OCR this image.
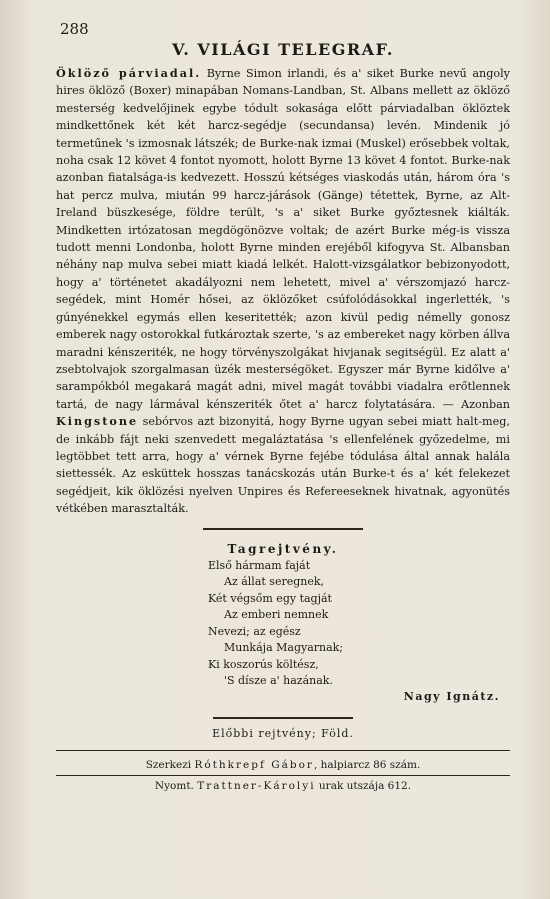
288
V. VILÁGI TELEGRAF.

Öklöző párviadal. Byrne Simon irlandi, és a' siket Burke nevű angoly hires öklöző (Boxer) minapában Nomans-Landban, St. Albans mellett az öklöző mesterség kedvelőjinek egybe tódult sokasága előtt párviadalban öklöztek mindkettőnek két két harcz-segédje (secundansa) levén. Mindenik jó termetűnek 's izmosnak látszék; de Burke-nak izmai (Muskel) erősebbek voltak, noha csak 12 követ 4 fontot nyomott, holott Byrne 13 követ 4 fontot. Burke-nak azonban fiatalsága-is kedvezett. Hosszú kétséges viaskodás után, három óra 's hat percz mulva, miután 99 harcz-járások (Gänge) tétettek, Byrne, az Alt-Ireland büszkesége, földre terült, 's a' siket Burke győztesnek kiálták. Mindketten irtózatosan megdögönözve voltak; de azért Burke még-is vissza tudott menni Londonba, holott Byrne minden erejéből kifogyva St. Albansban néhány nap mulva sebei miatt kiadá lelkét. Halott-vizsgálatkor bebizonyodott, hogy a' történetet akadályozni nem lehetett, mivel a' vérszomjazó harcz-segédek, mint Homér hősei, az öklözőket csúfolódásokkal ingerlették, 's gúnyénekkel egymás ellen keseritették; azon kivül pedig némelly gonosz emberek nagy ostorokkal futkároztak szerte, 's az embereket nagy körben állva maradni kénszeriték, ne hogy törvényszolgákat hivjanak segitségül. Ez alatt a' zsebtolvajok szorgalmasan üzék mesterségöket. Egyszer már Byrne kidőlve a' sarampókból megakará magát adni, mivel magát további viadalra erőtlennek tartá, de nagy lármával kénszeriték őtet a' harcz folytatására. — Azonban Kingstone sebórvos azt bizonyitá, hogy Byrne ugyan sebei miatt halt-meg, de inkább fájt neki szenvedett megaláztatása 's ellenfelének győzedelme, mi legtöbbet tett arra, hogy a' vérnek Byrne fejébe tódulása által annak halála siettessék. Az esküttek hosszas tanácskozás után Burke-t és a' két felekezet segédjeit, kik öklözési nyelven Unpires és Refereeseknek hivatnak, agyonütés vétkében marasztalták.

Tagrejtvény.
Első hármam faját
Az állat seregnek,
Két végsőm egy tagját
Az emberi nemnek
Nevezi; az egész
Munkája Magyarnak;
Ki koszorús költész,
'S dísze a' hazának.
Nagy Ignátz.
Előbbi rejtvény; Föld.
Szerkezi Róthkrepf Gábor, halpiarcz 86 szám.
Nyomt. Trattner-Károlyi urak utszája 612.
